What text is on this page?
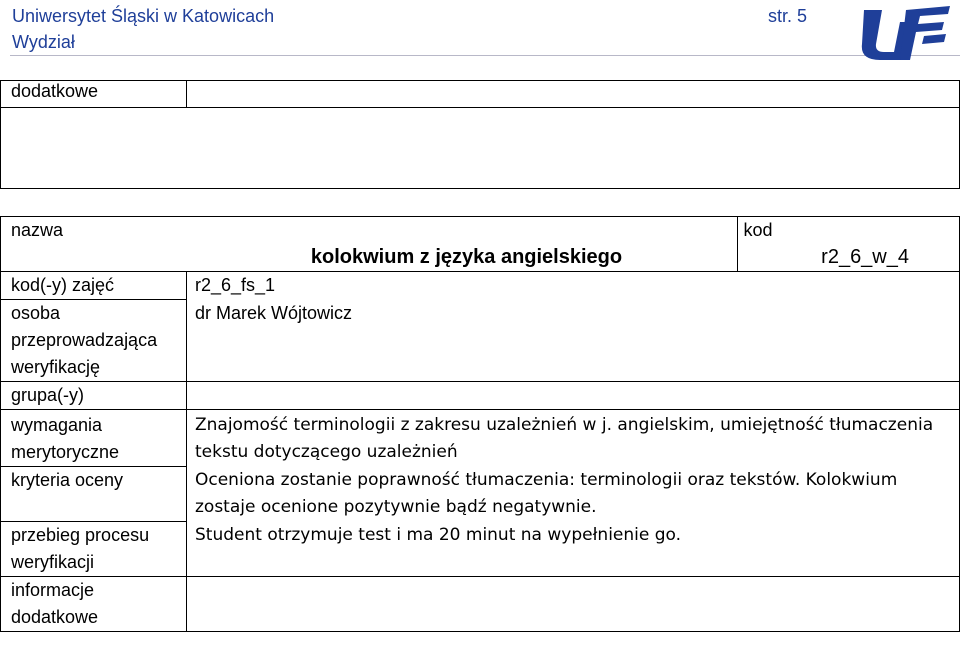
Uniwersytet Śląski w Katowicach
Wydział
str. 5
dodatkowe	

nazwa		kod
	kolokwium z języka angielskiego	r2_6_w_4
kod(-y) zajęć	r2_6_fs_1	
osoba przeprowadzająca weryfikację	dr Marek Wójtowicz	
grupa(-y)		
wymagania merytoryczne	Znajomość terminologii z zakresu uzależnień w j. angielskim, umiejętność tłumaczenia tekstu dotyczącego uzależnień	
kryteria oceny	Oceniona zostanie poprawność tłumaczenia: terminologii oraz tekstów. Kolokwium zostaje ocenione pozytywnie bądź negatywnie.	
przebieg procesu weryfikacji	Student otrzymuje test i ma 20 minut na wypełnienie go.	
informacje dodatkowe		
